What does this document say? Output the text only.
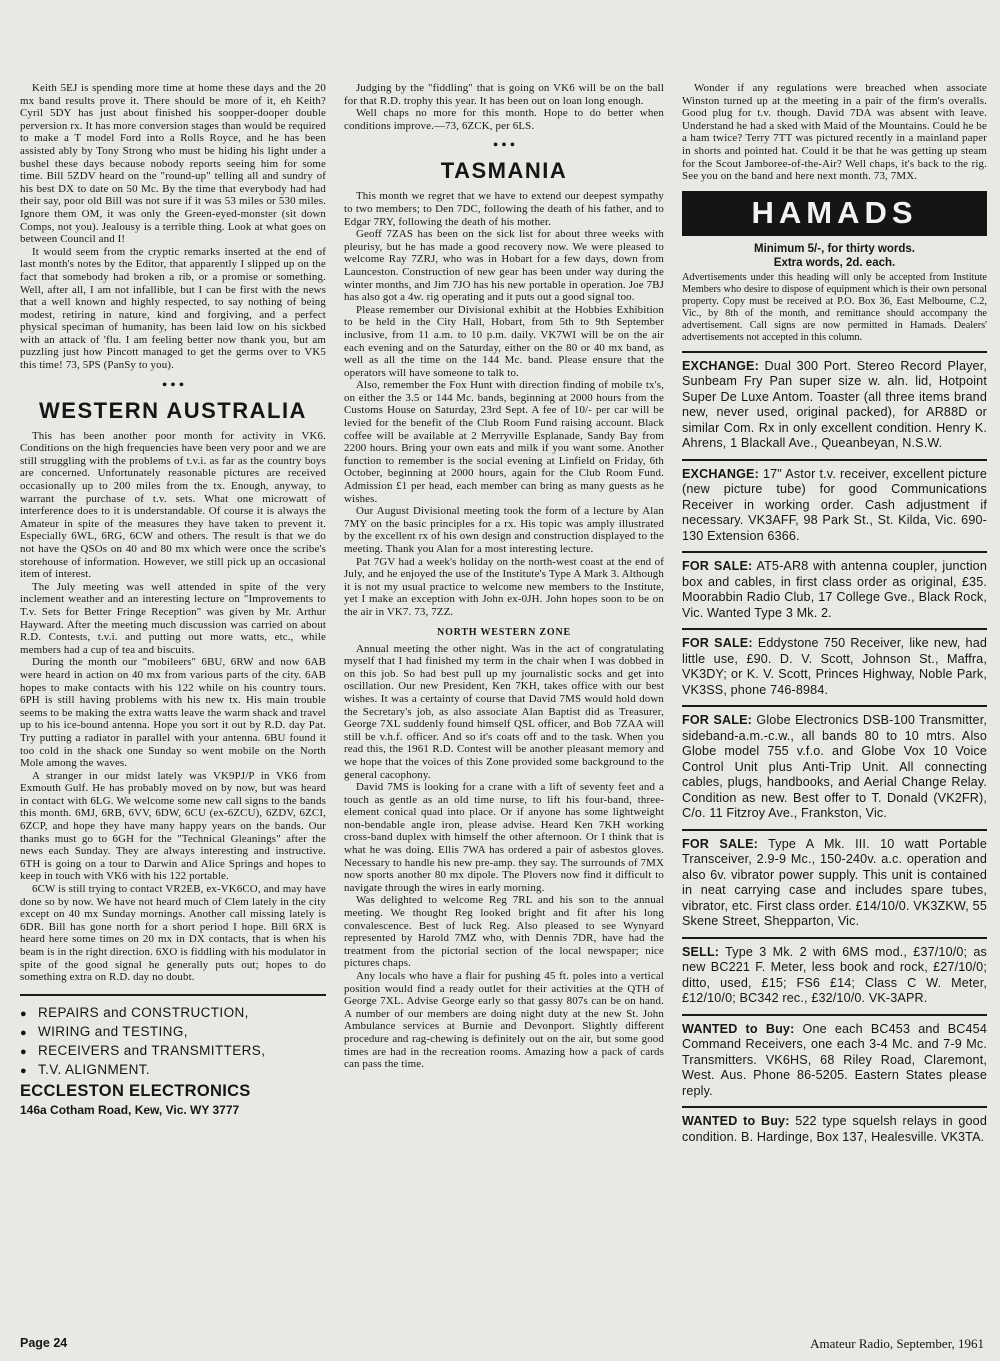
Keith 5EJ is spending more time at home these days and the 20 mx band results prove it. There should be more of it, eh Keith? Cyril 5DY has just about finished his soopper-dooper double perversion rx. It has more conversion stages than would be required to make a T model Ford into a Rolls Royce, and he has been assisted ably by Tony Strong who must be hiding his light under a bushel these days because nobody reports seeing him for some time. Bill 5ZDV heard on the "round-up" telling all and sundry of his best DX to date on 50 Mc. By the time that everybody had had their say, poor old Bill was not sure if it was 53 miles or 530 miles. Ignore them OM, it was only the Green-eyed-monster (sit down Comps, not you). Jealousy is a terrible thing. Look at what goes on between Council and I!

It would seem from the cryptic remarks inserted at the end of last month's notes by the Editor, that apparently I slipped up on the fact that somebody had broken a rib, or a promise or something. Well, after all, I am not infallible, but I can be first with the news that a well known and highly respected, to say nothing of being modest, retiring in nature, kind and forgiving, and a perfect physical speciman of humanity, has been laid low on his sickbed with an attack of 'flu. I am feeling better now thank you, but am puzzling just how Pincott managed to get the germs over to VK5 this time! 73, 5PS (PanSy to you).

• • •
WESTERN AUSTRALIA

This has been another poor month for activity in VK6. Conditions on the high frequencies have been very poor and we are still struggling with the problems of t.v.i. as far as the country boys are concerned. Unfortunately reasonable pictures are received occasionally up to 200 miles from the tx. Enough, anyway, to warrant the purchase of t.v. sets. What one microwatt of interference does to it is understandable. Of course it is always the Amateur in spite of the measures they have taken to prevent it. Especially 6WL, 6RG, 6CW and others. The result is that we do not have the QSOs on 40 and 80 mx which were once the scribe's storehouse of information. However, we still pick up an occasional item of interest.

The July meeting was well attended in spite of the very inclement weather and an interesting lecture on "Improvements to T.v. Sets for Better Fringe Reception" was given by Mr. Arthur Hayward. After the meeting much discussion was carried on about R.D. Contests, t.v.i. and putting out more watts, etc., while members had a cup of tea and biscuits.

During the month our "mobileers" 6BU, 6RW and now 6AB were heard in action on 40 mx from various parts of the city. 6AB hopes to make contacts with his 122 while on his country tours. 6PH is still having problems with his new tx. His main trouble seems to be making the extra watts leave the warm shack and travel up to his ice-bound antenna. Hope you sort it out by R.D. day Pat. Try putting a radiator in parallel with your antenna. 6BU found it too cold in the shack one Sunday so went mobile on the North Mole among the waves.

A stranger in our midst lately was VK9PJ/P in VK6 from Exmouth Gulf. He has probably moved on by now, but was heard in contact with 6LG. We welcome some new call signs to the bands this month. 6MJ, 6RB, 6VV, 6DW, 6CU (ex-6ZCU), 6ZDV, 6ZCI, 6ZCP, and hope they have many happy years on the bands. Our thanks must go to 6GH for the "Technical Gleanings" after the news each Sunday. They are always interesting and instructive. 6TH is going on a tour to Darwin and Alice Springs and hopes to keep in touch with VK6 with his 122 portable.

6CW is still trying to contact VR2EB, ex-VK6CO, and may have done so by now. We have not heard much of Clem lately in the city except on 40 mx Sunday mornings. Another call missing lately is 6DR. Bill has gone north for a short period I hope. Bill 6RX is heard here some times on 20 mx in DX contacts, that is when his beam is in the right direction. 6XO is fiddling with his modulator in spite of the good signal he generally puts out; hopes to do something extra on R.D. day no doubt.

● REPAIRS and CONSTRUCTION,
● WIRING and TESTING,
● RECEIVERS and TRANSMITTERS,
● T.V. ALIGNMENT.
ECCLESTON ELECTRONICS
146a Cotham Road, Kew, Vic. WY 3777

Judging by the "fiddling" that is going on VK6 will be on the ball for that R.D. trophy this year. It has been out on loan long enough.

Well chaps no more for this month. Hope to do better when conditions improve.—73, 6ZCK, per 6LS.

• • •
TASMANIA

This month we regret that we have to extend our deepest sympathy to two members; to Den 7DC, following the death of his father, and to Edgar 7RY, following the death of his mother.

Geoff 7ZAS has been on the sick list for about three weeks with pleurisy, but he has made a good recovery now. We were pleased to welcome Ray 7ZRJ, who was in Hobart for a few days, down from Launceston. Construction of new gear has been under way during the winter months, and Jim 7JO has his new portable in operation. Joe 7BJ has also got a 4w. rig operating and it puts out a good signal too.

Please remember our Divisional exhibit at the Hobbies Exhibition to be held in the City Hall, Hobart, from 5th to 9th September inclusive, from 11 a.m. to 10 p.m. daily. VK7WI will be on the air each evening and on the Saturday, either on the 80 or 40 mx band, as well as all the time on the 144 Mc. band. Please ensure that the operators will have someone to talk to.

Also, remember the Fox Hunt with direction finding of mobile tx's, on either the 3.5 or 144 Mc. bands, beginning at 2000 hours from the Customs House on Saturday, 23rd Sept. A fee of 10/- per car will be levied for the benefit of the Club Room Fund raising account. Black coffee will be available at 2 Merryville Esplanade, Sandy Bay from 2200 hours. Bring your own eats and milk if you want some. Another function to remember is the social evening at Linfield on Friday, 6th October, beginning at 2000 hours, again for the Club Room Fund. Admission £1 per head, each member can bring as many guests as he wishes.

Our August Divisional meeting took the form of a lecture by Alan 7MY on the basic principles for a rx. His topic was amply illustrated by the excellent rx of his own design and construction displayed to the meeting. Thank you Alan for a most interesting lecture.

Pat 7GV had a week's holiday on the north-west coast at the end of July, and he enjoyed the use of the Institute's Type A Mark 3. Although it is not my usual practice to welcome new members to the Institute, yet I make an exception with John ex-0JH. John hopes soon to be on the air in VK7. 73, 7ZZ.

NORTH WESTERN ZONE

Annual meeting the other night. Was in the act of congratulating myself that I had finished my term in the chair when I was dobbed in on this job. So had best pull up my journalistic socks and get into oscillation. Our new President, Ken 7KH, takes office with our best wishes. It was a certainty of course that David 7MS would hold down the Secretary's job, as also associate Alan Baptist did as Treasurer, George 7XL suddenly found himself QSL officer, and Bob 7ZAA will still be v.h.f. officer. And so it's coats off and to the task. When you read this, the 1961 R.D. Contest will be another pleasant memory and we hope that the voices of this Zone provided some background to the general cacophony.

David 7MS is looking for a crane with a lift of seventy feet and a touch as gentle as an old time nurse, to lift his four-band, three-element conical quad into place. Or if anyone has some lightweight non-bendable angle iron, please advise. Heard Ken 7KH working cross-band duplex with himself the other afternoon. Or I think that is what he was doing. Ellis 7WA has ordered a pair of asbestos gloves. Necessary to handle his new pre-amp. they say. The surrounds of 7MX now sports another 80 mx dipole. The Plovers now find it difficult to navigate through the wires in early morning.

Was delighted to welcome Reg 7RL and his son to the annual meeting. We thought Reg looked bright and fit after his long convalescence. Best of luck Reg. Also pleased to see Wynyard represented by Harold 7MZ who, with Dennis 7DR, have had the treatment from the pictorial section of the local newspaper; nice pictures chaps.

Any locals who have a flair for pushing 45 ft. poles into a vertical position would find a ready outlet for their activities at the QTH of George 7XL. Advise George early so that gassy 807s can be on hand. A number of our members are doing night duty at the new St. John Ambulance services at Burnie and Devonport. Slightly different procedure and rag-chewing is definitely out on the air, but some good times are had in the recreation rooms. Amazing how a pack of cards can pass the time.

Wonder if any regulations were breached when associate Winston turned up at the meeting in a pair of the firm's overalls. Good plug for t.v. though. David 7DA was absent with leave. Understand he had a sked with Maid of the Mountains. Could he be a ham twice? Terry 7TT was pictured recently in a mainland paper in shorts and pointed hat. Could it be that he was getting up steam for the Scout Jamboree-of-the-Air? Well chaps, it's back to the rig. See you on the band and here next month. 73, 7MX.

HAMADS
Minimum 5/-, for thirty words.
Extra words, 2d. each.
Advertisements under this heading will only be accepted from Institute Members who desire to dispose of equipment which is their own personal property. Copy must be received at P.O. Box 36, East Melbourne, C.2, Vic., by 8th of the month, and remittance should accompany the advertisement. Call signs are now permitted in Hamads. Dealers' advertisements not accepted in this column.
EXCHANGE: Dual 300 Port. Stereo Record Player, Sunbeam Fry Pan super size w. aln. lid, Hotpoint Super De Luxe Antom. Toaster (all three items brand new, never used, original packed), for AR88D or similar Com. Rx in only excellent condition. Henry K. Ahrens, 1 Blackall Ave., Queanbeyan, N.S.W.
EXCHANGE: 17" Astor t.v. receiver, excellent picture (new picture tube) for good Communications Receiver in working order. Cash adjustment if necessary. VK3AFF, 98 Park St., St. Kilda, Vic. 690-130 Extension 6366.
FOR SALE: AT5-AR8 with antenna coupler, junction box and cables, in first class order as original, £35. Moorabbin Radio Club, 17 College Gve., Black Rock, Vic. Wanted Type 3 Mk. 2.
FOR SALE: Eddystone 750 Receiver, like new, had little use, £90. D. V. Scott, Johnson St., Maffra, VK3DY; or K. V. Scott, Princes Highway, Noble Park, VK3SS, phone 746-8984.
FOR SALE: Globe Electronics DSB-100 Transmitter, sideband-a.m.-c.w., all bands 80 to 10 mtrs. Also Globe model 755 v.f.o. and Globe Vox 10 Voice Control Unit plus Anti-Trip Unit. All connecting cables, plugs, handbooks, and Aerial Change Relay. Condition as new. Best offer to T. Donald (VK2FR), C/o. 11 Fitzroy Ave., Frankston, Vic.
FOR SALE: Type A Mk. III. 10 watt Portable Transceiver, 2.9-9 Mc., 150-240v. a.c. operation and also 6v. vibrator power supply. This unit is contained in neat carrying case and includes spare tubes, vibrator, etc. First class order. £14/10/0. VK3ZKW, 55 Skene Street, Shepparton, Vic.
SELL: Type 3 Mk. 2 with 6MS mod., £37/10/0; as new BC221 F. Meter, less book and rock, £27/10/0; ditto, used, £15; FS6 £14; Class C W. Meter, £12/10/0; BC342 rec., £32/10/0. VK-3APR.
WANTED to Buy: One each BC453 and BC454 Command Receivers, one each 3-4 Mc. and 7-9 Mc. Transmitters. VK6HS, 68 Riley Road, Claremont, West. Aus. Phone 86-5205. Eastern States please reply.
WANTED to Buy: 522 type squelsh relays in good condition. B. Hardinge, Box 137, Healesville. VK3TA.
Page 24	Amateur Radio, September, 1961
